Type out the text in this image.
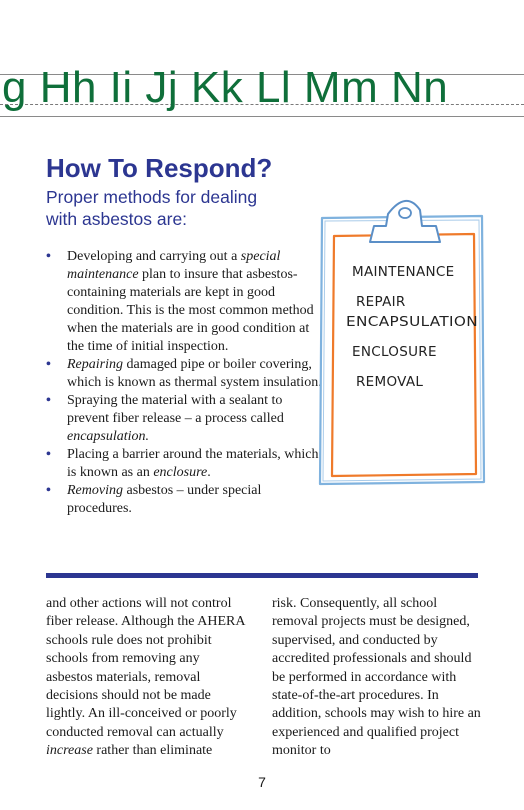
g Hh Ii Jj Kk Ll Mm Nn
How To Respond?

Proper methods for dealing
with asbestos are:

• Developing and carrying out a special maintenance plan to insure that asbestos-containing materials are kept in good condition. This is the most common method when the materials are in good condition at the time of initial inspection.
• Repairing damaged pipe or boiler covering, which is known as thermal system insulation.
• Spraying the material with a sealant to prevent fiber release – a process called encapsulation.
• Placing a barrier around the materials, which is known as an enclosure.
• Removing asbestos – under special procedures.
MAINTENANCE
REPAIR
ENCAPSULATION
ENCLOSURE
REMOVAL

and other actions will not control fiber release. Although the AHERA schools rule does not prohibit schools from removing any asbestos materials, removal decisions should not be made lightly. An ill-conceived or poorly conducted removal can actually increase rather than eliminate

risk. Consequently, all school removal projects must be designed, supervised, and conducted by accredited professionals and should be performed in accordance with state-of-the-art procedures. In addition, schools may wish to hire an experienced and qualified project monitor to

7
